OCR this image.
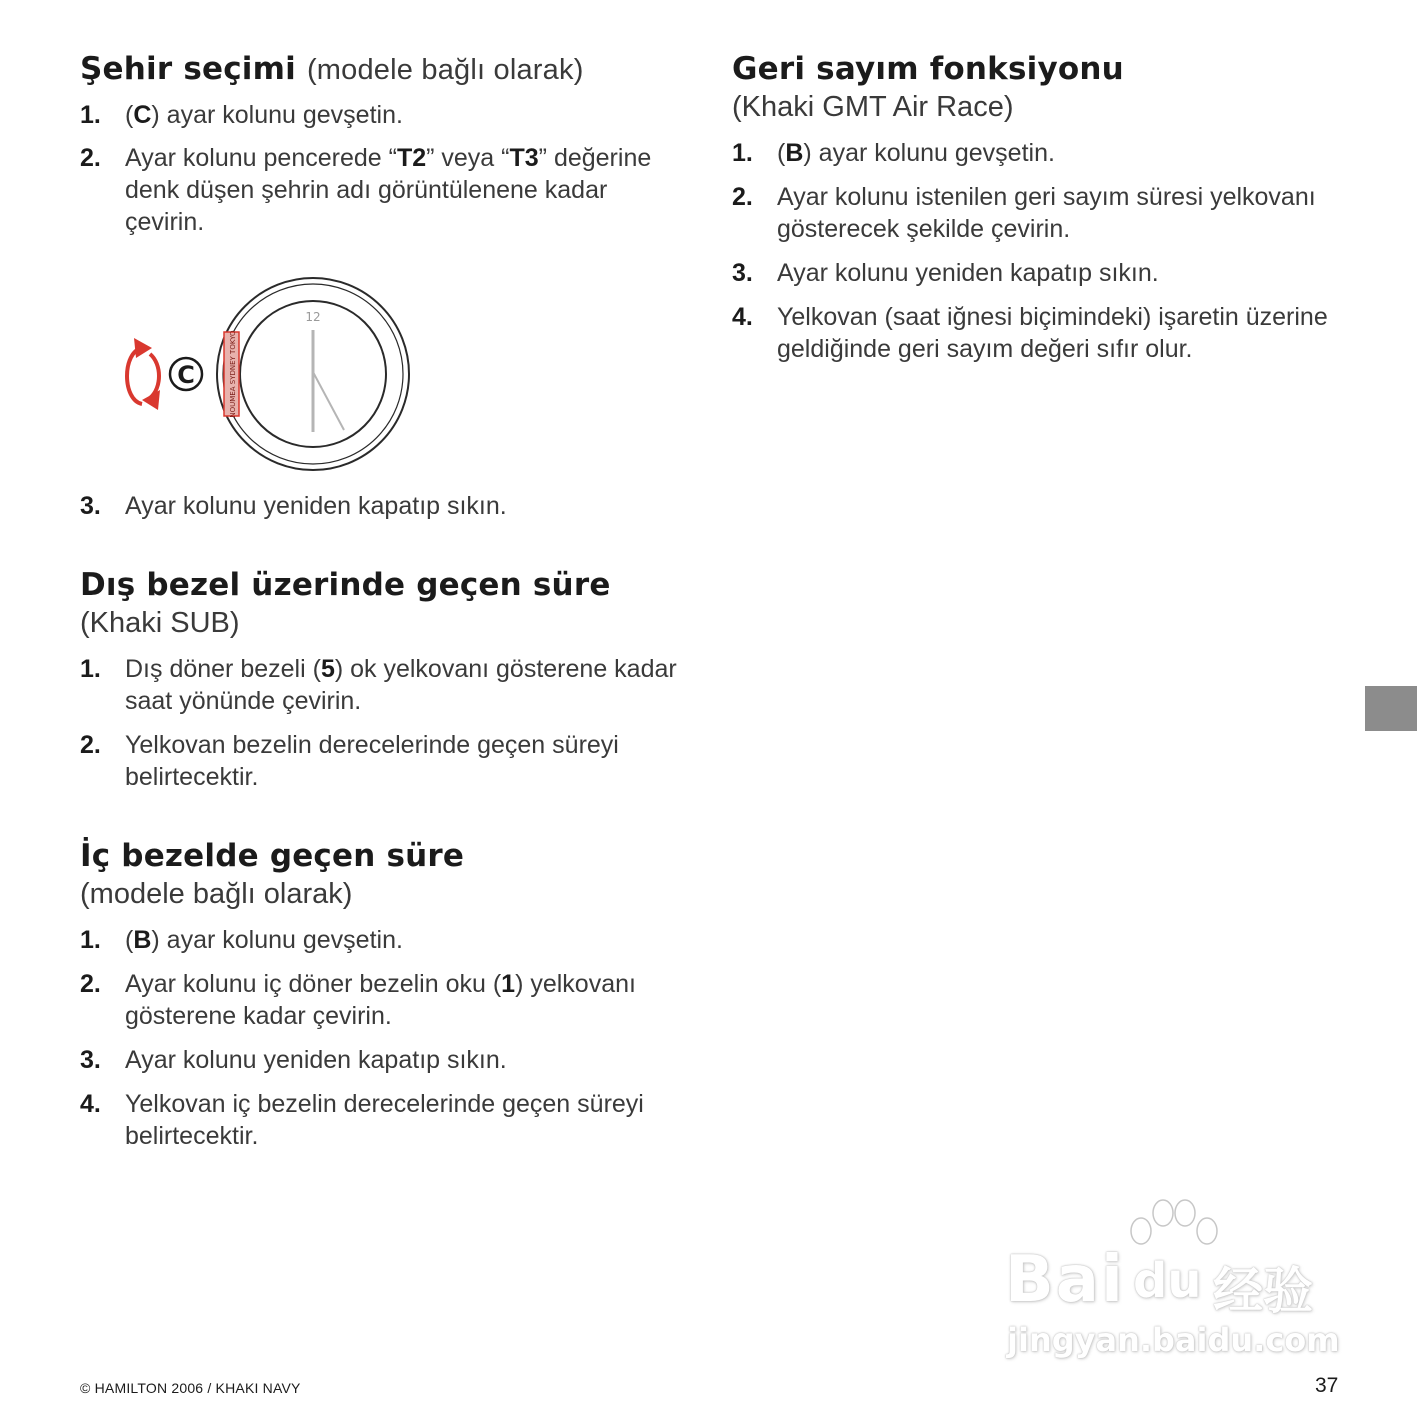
Şehir seçimi (modele bağlı olarak)
1. (C) ayar kolunu gevşetin.
2. Ayar kolunu pencerede “T2” veya “T3” değerine denk düşen şehrin adı görüntülenene kadar çevirin.
3. Ayar kolunu yeniden kapatıp sıkın.
Dış bezel üzerinde geçen süre

(Khaki SUB)

1. Dış döner bezeli (5) ok yelkovanı gösterene kadar saat yönünde çevirin.
2. Yelkovan bezelin derecelerinde geçen süreyi belirtecektir.
İç bezelde geçen süre

(modele bağlı olarak)

1. (B) ayar kolunu gevşetin.
2. Ayar kolunu iç döner bezelin oku (1) yelkovanı gösterene kadar çevirin.
3. Ayar kolunu yeniden kapatıp sıkın.
4. Yelkovan iç bezelin derecelerinde geçen süreyi belirtecektir.
C	NOUMEA SYDNEY TOKYO
12
Geri sayım fonksiyonu

(Khaki GMT Air Race)

1. (B) ayar kolunu gevşetin.
2. Ayar kolunu istenilen geri sayım süresi yelkovanı gösterecek şekilde çevirin.
3. Ayar kolunu yeniden kapatıp sıkın.
4. Yelkovan (saat iğnesi biçimindeki) işaretin üzerine geldiğinde geri sayım değeri sıfır olur.
Bai du 经验
jingyan.baidu.com
© HAMILTON 2006 / KHAKI NAVY	37
